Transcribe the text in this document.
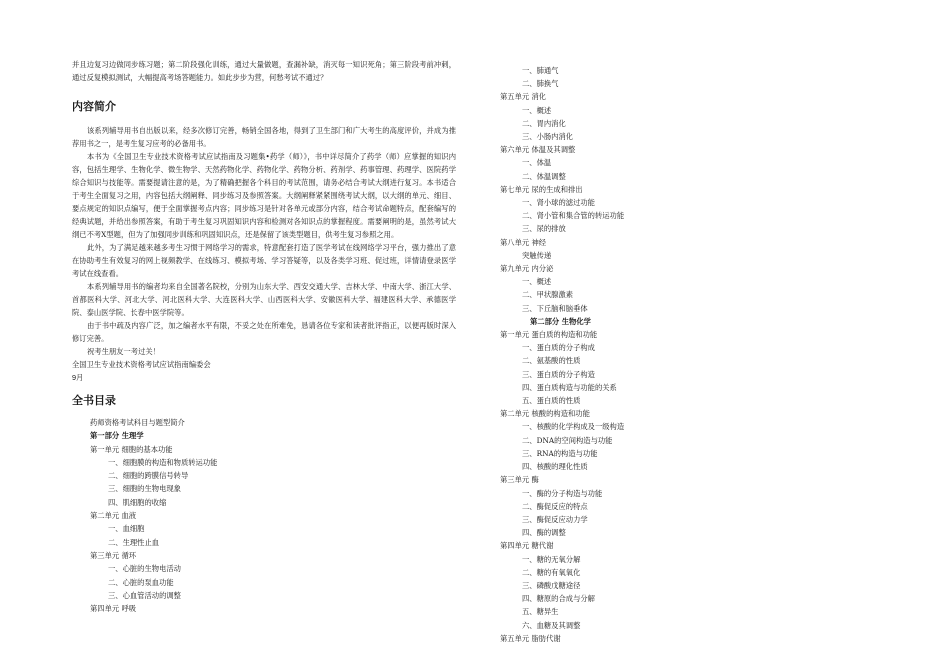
并且边复习边做同步练习题；第二阶段强化训练，通过大量做题，查漏补缺，消灭每一知识死角；第三阶段考前冲刺，通过反复模拟测试，大幅提高考场答题能力。如此步步为营，何愁考试不通过？

内容简介

该系列辅导用书自出版以来，经多次修订完善，畅销全国各地，得到了卫生部门和广大考生的高度评价，并成为推荐用书之一，是考生复习应考的必备用书。

本书为《全国卫生专业技术资格考试应试指南及习题集•药学（师）》，书中详尽简介了药学（师）应掌握的知识内容，包括生理学、生物化学、微生物学、天然药物化学、药物化学、药物分析、药剂学、药事管理、药理学、医院药学综合知识与技能等。需要提请注意的是，为了精确把握各个科目的考试范围，请务必结合考试大纲进行复习。本书适合于考生全面复习之用，内容包括大纲阐释、同步练习及参照答案。大纲阐释紧紧围绕考试大纲，以大纲的单元、细目、要点规定的知识点编写，便于全面掌握考点内容；同步练习是针对各单元或部分内容，结合考试命题特点，配套编写的经典试题，并给出参照答案，有助于考生复习巩固知识内容和检测对各知识点的掌握程度。需要阐明的是，虽然考试大纲已不考X型题，但为了加强同步训练和巩固知识点，还是保留了该类型题目，供考生复习参照之用。

此外，为了满足越来越多考生习惯于网络学习的需求，特意配套打造了医学考试在线网络学习平台，强力推出了意在协助考生有效复习的网上视频教学、在线练习、模拟考场、学习答疑等，以及各类学习班、促过班，详情请登录医学考试在线查看。

本系列辅导用书的编者均来自全国著名院校，分别为山东大学、西安交通大学、吉林大学、中南大学、浙江大学、首都医科大学、河北大学、河北医科大学、大连医科大学、山西医科大学、安徽医科大学、福建医科大学、承德医学院、泰山医学院、长春中医学院等。

由于书中疏及内容广泛，加之编者水平有限，不妥之处在所难免，恳请各位专家和读者批评指正，以便再版时深入修订完善。

祝考生朋友一考过关！

全国卫生专业技术资格考试应试指南编委会

9月

全书目录
药师资格考试科目与题型简介
第一部分 生理学
第一单元 细胞的基本功能
一、细胞膜的构造和物质转运功能
二、细胞的跨膜信号转导
三、细胞的生物电现象
四、肌细胞的收缩
第二单元 血液
一、血细胞
二、生理性止血
第三单元 循环
一、心脏的生物电活动
二、心脏的泵血功能
三、心血管活动的调整
第四单元 呼吸
一、肺通气
二、肺换气
第五单元 消化
一、概述
二、胃内消化
三、小肠内消化
第六单元 体温及其调整
一、体温
二、体温调整
第七单元 尿的生成和排出
一、肾小球的滤过功能
二、肾小管和集合管的转运功能
三、尿的排放
第八单元 神经
突触传递
第九单元 内分泌
一、概述
二、甲状腺激素
三、下丘脑和脑垂体
第二部分 生物化学
第一单元 蛋白质的构造和功能
一、蛋白质的分子构成
二、氨基酸的性质
三、蛋白质的分子构造
四、蛋白质构造与功能的关系
五、蛋白质的性质
第二单元 核酸的构造和功能
一、核酸的化学构成及一级构造
二、DNA的空间构造与功能
三、RNA的构造与功能
四、核酸的理化性质
第三单元 酶
一、酶的分子构造与功能
二、酶促反应的特点
三、酶促反应动力学
四、酶的调整
第四单元 糖代谢
一、糖的无氧分解
二、糖的有氧氧化
三、磷酸戊糖途径
四、糖原的合成与分解
五、糖异生
六、血糖及其调整
第五单元 脂肪代谢
